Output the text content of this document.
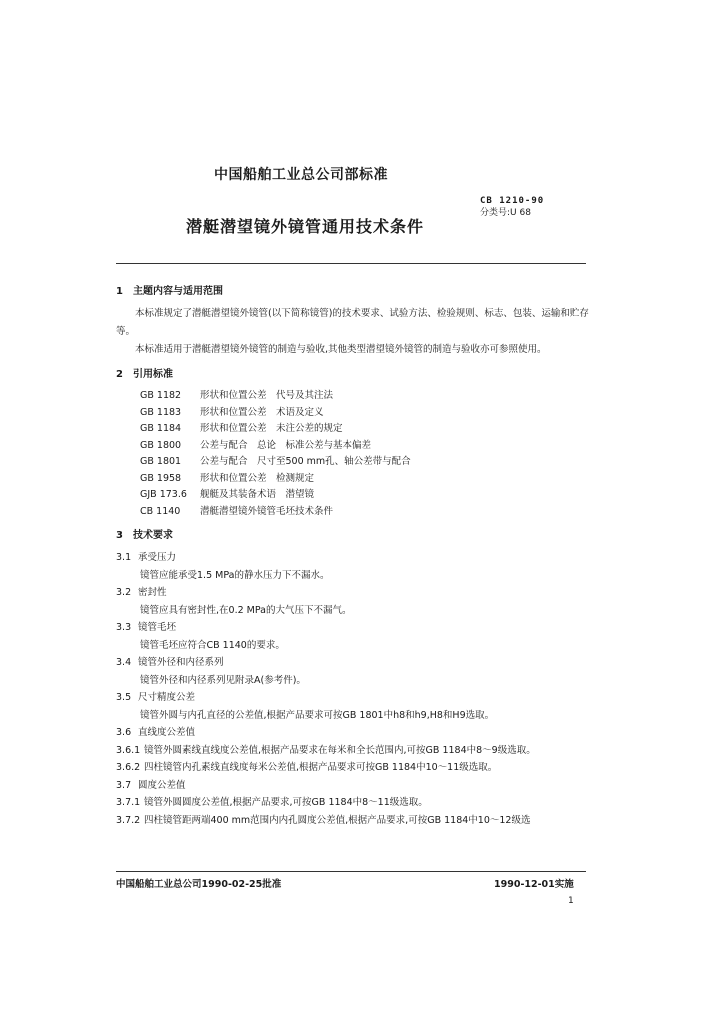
中国船舶工业总公司部标准
潜艇潜望镜外镜管通用技术条件
CB 1210-90
分类号:U 68

1　主题内容与适用范围

本标准规定了潜艇潜望镜外镜管(以下简称镜管)的技术要求、试验方法、检验规则、标志、包装、运输和贮存等。

本标准适用于潜艇潜望镜外镜管的制造与验收,其他类型潜望镜外镜管的制造与验收亦可参照使用。

2　引用标准

GB 1182 形状和位置公差　代号及其注法
GB 1183 形状和位置公差　术语及定义
GB 1184 形状和位置公差　未注公差的规定
GB 1800 公差与配合　总论　标准公差与基本偏差
GB 1801 公差与配合　尺寸至500 mm孔、轴公差带与配合
GB 1958 形状和位置公差　检测规定
GJB 173.6 舰艇及其装备术语　潜望镜
CB 1140 潜艇潜望镜外镜管毛坯技术条件

3　技术要求

3.1 承受压力

镜管应能承受1.5 MPa的静水压力下不漏水。

3.2 密封性

镜管应具有密封性,在0.2 MPa的大气压下不漏气。

3.3 镜管毛坯

镜管毛坯应符合CB 1140的要求。

3.4 镜管外径和内径系列

镜管外径和内径系列见附录A(参考件)。

3.5 尺寸精度公差

镜管外圆与内孔直径的公差值,根据产品要求可按GB 1801中h8和h9,H8和H9选取。

3.6 直线度公差值

3.6.1 镜管外圆素线直线度公差值,根据产品要求在每米和全长范围内,可按GB 1184中8～9级选取。

3.6.2 四柱镜管内孔素线直线度每米公差值,根据产品要求可按GB 1184中10～11级选取。

3.7 圆度公差值

3.7.1 镜管外圆圆度公差值,根据产品要求,可按GB 1184中8～11级选取。

3.7.2 四柱镜管距两端400 mm范围内内孔圆度公差值,根据产品要求,可按GB 1184中10～12级选

中国船舶工业总公司1990-02-25批准	1990-12-01实施
1
